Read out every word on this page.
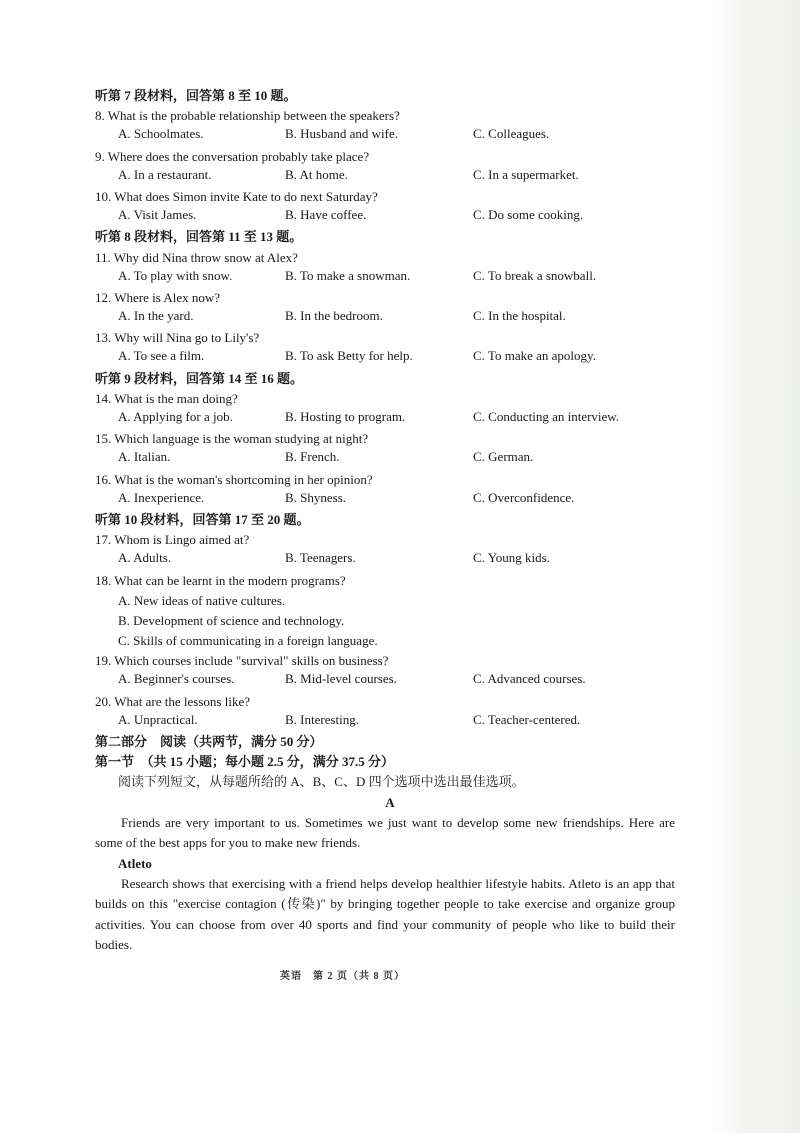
听第 7 段材料，回答第 8 至 10 题。
8. What is the probable relationship between the speakers?
A. Schoolmates.	B. Husband and wife.	C. Colleagues.
9. Where does the conversation probably take place?
A. In a restaurant.	B. At home.	C. In a supermarket.
10. What does Simon invite Kate to do next Saturday?
A. Visit James.	B. Have coffee.	C. Do some cooking.
听第 8 段材料，回答第 11 至 13 题。
11. Why did Nina throw snow at Alex?
A. To play with snow.	B. To make a snowman.	C. To break a snowball.
12. Where is Alex now?
A. In the yard.	B. In the bedroom.	C. In the hospital.
13. Why will Nina go to Lily's?
A. To see a film.	B. To ask Betty for help.	C. To make an apology.
听第 9 段材料，回答第 14 至 16 题。
14. What is the man doing?
A. Applying for a job.	B. Hosting to program.	C. Conducting an interview.
15. Which language is the woman studying at night?
A. Italian.	B. French.	C. German.
16. What is the woman's shortcoming in her opinion?
A. Inexperience.	B. Shyness.	C. Overconfidence.
听第 10 段材料，回答第 17 至 20 题。
17. Whom is Lingo aimed at?
A. Adults.	B. Teenagers.	C. Young kids.
18. What can be learnt in the modern programs?
A. New ideas of native cultures.
B. Development of science and technology.
C. Skills of communicating in a foreign language.
19. Which courses include "survival" skills on business?
A. Beginner's courses.	B. Mid-level courses.	C. Advanced courses.
20. What are the lessons like?
A. Unpractical.	B. Interesting.	C. Teacher-centered.
第二部分　阅读（共两节，满分 50 分）
第一节　（共 15 小题；每小题 2.5 分，满分 37.5 分）
阅读下列短文，从每题所给的 A、B、C、D 四个选项中选出最佳选项。
A

Friends are very important to us. Sometimes we just want to develop some new friendships. Here are some of the best apps for you to make new friends.

Atleto

Research shows that exercising with a friend helps develop healthier lifestyle habits. Atleto is an app that builds on this "exercise contagion (传染)" by bringing together people to take exercise and organize group activities. You can choose from over 40 sports and find your community of people who like to build their bodies.

英语　第 2 页（共 8 页）
